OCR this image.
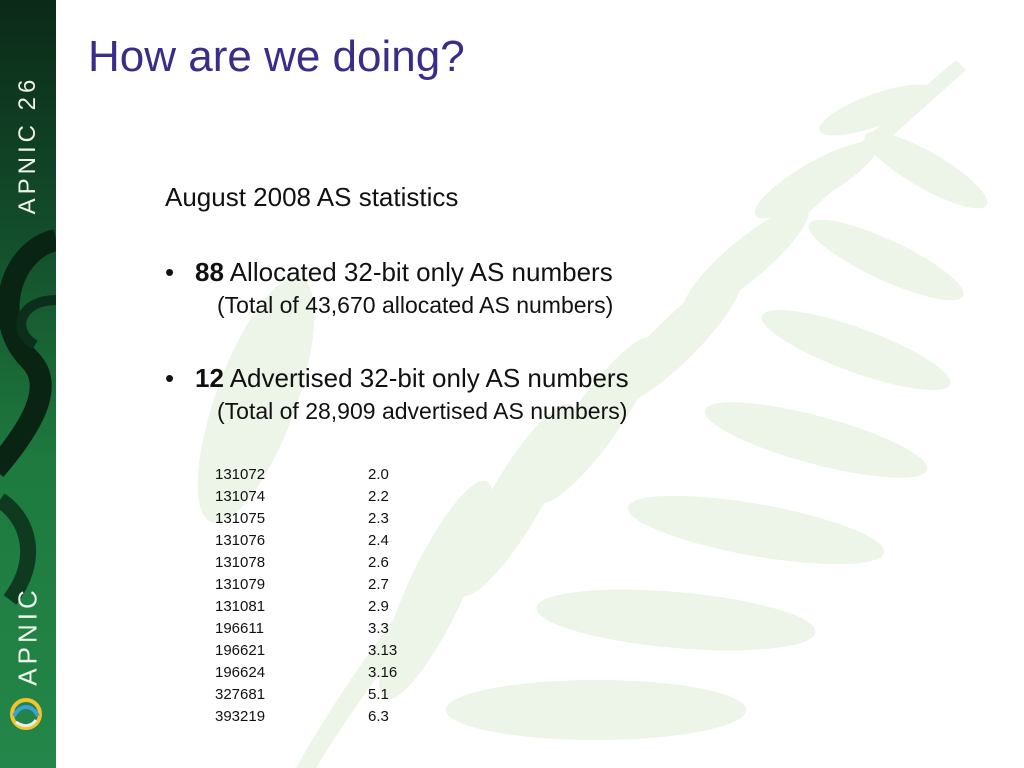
APNIC 26
APNIC
How are we doing?
August 2008 AS statistics
• 88 Allocated 32-bit only AS numbers
(Total of 43,670 allocated AS numbers)
• 12 Advertised 32-bit only AS numbers
(Total of 28,909 advertised AS numbers)
131072	2.0
131074	2.2
131075	2.3
131076	2.4
131078	2.6
131079	2.7
131081	2.9
196611	3.3
196621	3.13
196624	3.16
327681	5.1
393219	6.3
